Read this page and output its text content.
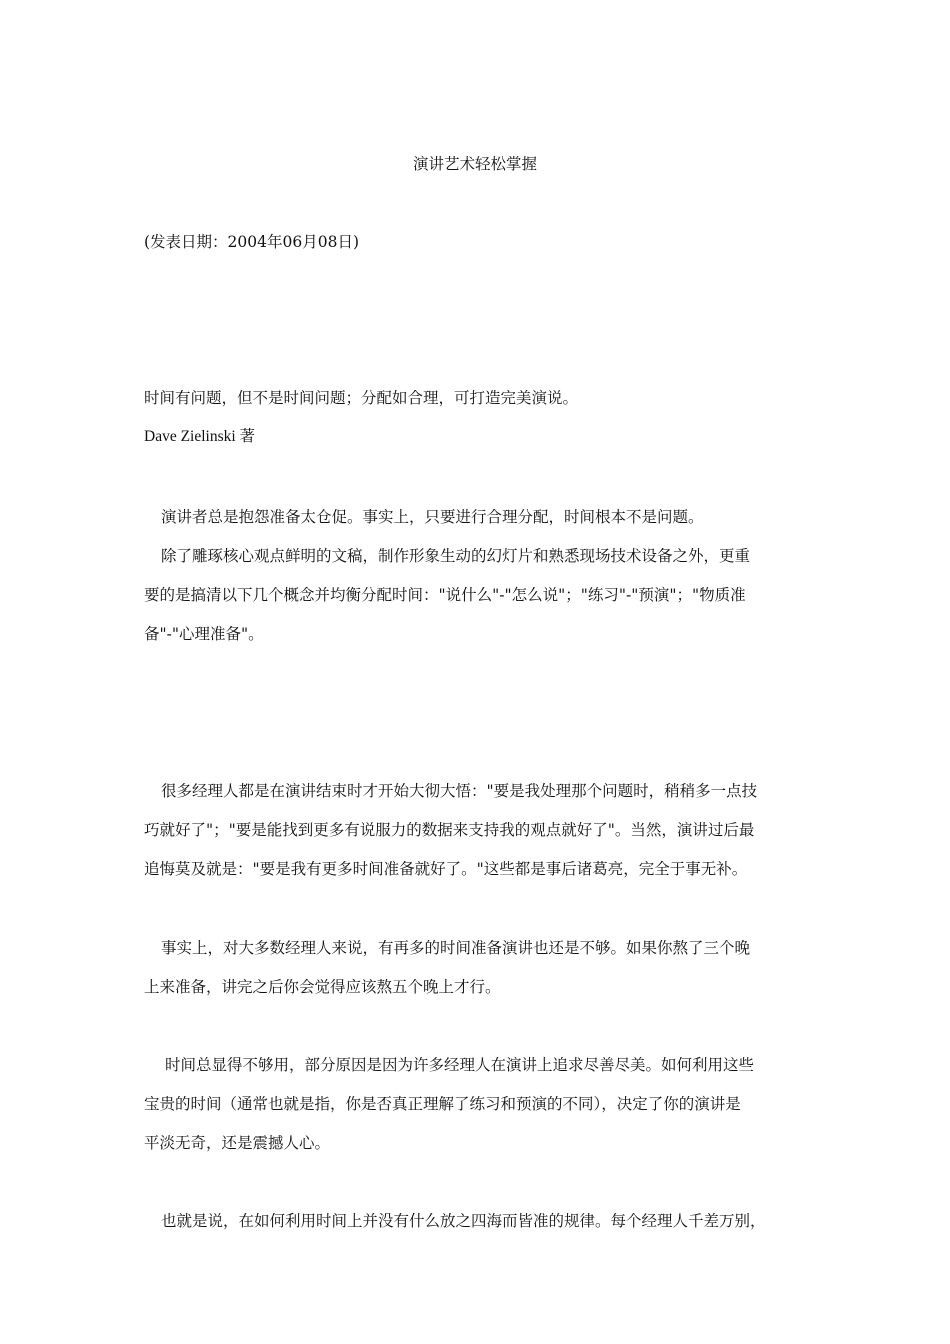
演讲艺术轻松掌握
(发表日期：2004年06月08日)
时间有问题，但不是时间问题；分配如合理，可打造完美演说。
Dave Zielinski 著
演讲者总是抱怨准备太仓促。事实上，只要进行合理分配，时间根本不是问题。
除了雕琢核心观点鲜明的文稿，制作形象生动的幻灯片和熟悉现场技术设备之外，更重
要的是搞清以下几个概念并均衡分配时间："说什么"-"怎么说"；"练习"-"预演"；"物质准
备"-"心理准备"。
很多经理人都是在演讲结束时才开始大彻大悟："要是我处理那个问题时，稍稍多一点技
巧就好了"；"要是能找到更多有说服力的数据来支持我的观点就好了"。当然，演讲过后最
追悔莫及就是："要是我有更多时间准备就好了。"这些都是事后诸葛亮，完全于事无补。
事实上，对大多数经理人来说，有再多的时间准备演讲也还是不够。如果你熬了三个晚
上来准备，讲完之后你会觉得应该熬五个晚上才行。
时间总显得不够用，部分原因是因为许多经理人在演讲上追求尽善尽美。如何利用这些
宝贵的时间（通常也就是指，你是否真正理解了练习和预演的不同），决定了你的演讲是
平淡无奇，还是震撼人心。
也就是说，在如何利用时间上并没有什么放之四海而皆准的规律。每个经理人千差万别，
